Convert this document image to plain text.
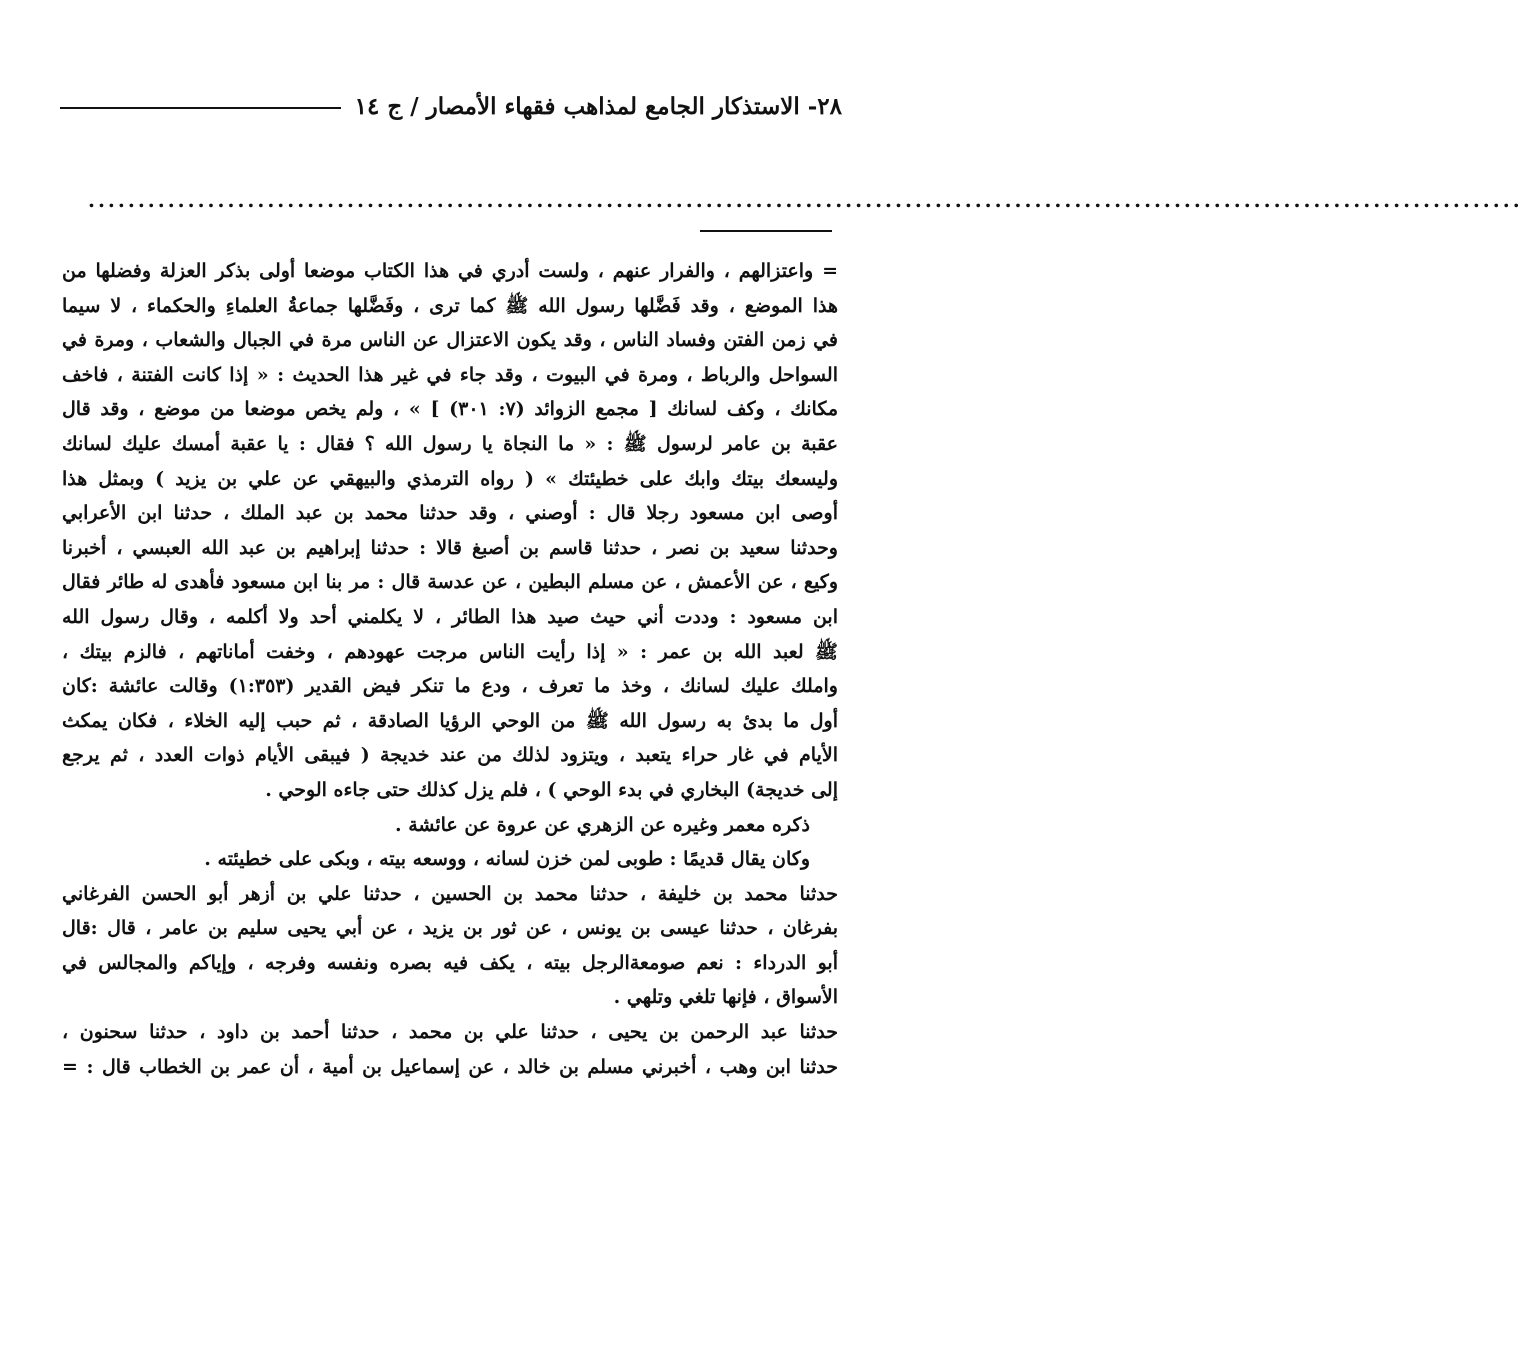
٢٨- الاستذكار الجامع لمذاهب فقهاء الأمصار / ج ١٤
................................................................................................................................................
= واعتزالهم ، والفرار عنهم ، ولست أدري في هذا الكتاب موضعا أولى بذكر العزلة وفضلها من
هذا الموضع ، وقد فَضَّلها رسول الله ﷺ كما ترى ، وفَضَّلها جماعةُ العلماءِ والحكماء ، لا سيما
في زمن الفتن وفساد الناس ، وقد يكون الاعتزال عن الناس مرة في الجبال والشعاب ، ومرة في
السواحل والرباط ، ومرة في البيوت ، وقد جاء في غير هذا الحديث : « إذا كانت الفتنة ، فاخف
مكانك ، وكف لسانك [ مجمع الزوائد (٧: ٣٠١) ] » ، ولم يخص موضعا من موضع ، وقد قال
عقبة بن عامر لرسول ﷺ : « ما النجاة يا رسول الله ؟ فقال : يا عقبة أمسك عليك لسانك
وليسعك بيتك وابك على خطيئتك » ( رواه الترمذي والبيهقي عن علي بن يزيد ) وبمثل هذا
أوصى ابن مسعود رجلا قال : أوصني ، وقد حدثنا محمد بن عبد الملك ، حدثنا ابن الأعرابي
وحدثنا سعيد بن نصر ، حدثنا قاسم بن أصبغ قالا : حدثنا إبراهيم بن عبد الله العبسي ، أخبرنا
وكيع ، عن الأعمش ، عن مسلم البطين ، عن عدسة قال : مر بنا ابن مسعود فأهدى له طائر فقال
ابن مسعود : وددت أني حيث صيد هذا الطائر ، لا يكلمني أحد ولا أكلمه ، وقال رسول الله
ﷺ لعبد الله بن عمر : « إذا رأيت الناس مرجت عهودهم ، وخفت أماناتهم ، فالزم بيتك ،
واملك عليك لسانك ، وخذ ما تعرف ، ودع ما تنكر فيض القدير (١:٣٥٣) وقالت عائشة :كان
أول ما بدئ به رسول الله ﷺ من الوحي الرؤيا الصادقة ، ثم حبب إليه الخلاء ، فكان يمكث
الأيام في غار حراء يتعبد ، ويتزود لذلك من عند خديجة ( فيبقى الأيام ذوات العدد ، ثم يرجع
إلى خديجة) البخاري في بدء الوحي ) ، فلم يزل كذلك حتى جاءه الوحي .
ذكره معمر وغيره عن الزهري عن عروة عن عائشة .
وكان يقال قديمًا : طوبى لمن خزن لسانه ، ووسعه بيته ، وبكى على خطيئته .
حدثنا محمد بن خليفة ، حدثنا محمد بن الحسين ، حدثنا علي بن أزهر أبو الحسن الفرغاني
بفرغان ، حدثنا عيسى بن يونس ، عن ثور بن يزيد ، عن أبي يحيى سليم بن عامر ، قال :قال
أبو الدرداء : نعم صومعةالرجل بيته ، يكف فيه بصره ونفسه وفرجه ، وإياكم والمجالس في
الأسواق ، فإنها تلغي وتلهي .
حدثنا عبد الرحمن بن يحيى ، حدثنا علي بن محمد ، حدثنا أحمد بن داود ، حدثنا سحنون ،
حدثنا ابن وهب ، أخبرني مسلم بن خالد ، عن إسماعيل بن أمية ، أن عمر بن الخطاب قال : =
